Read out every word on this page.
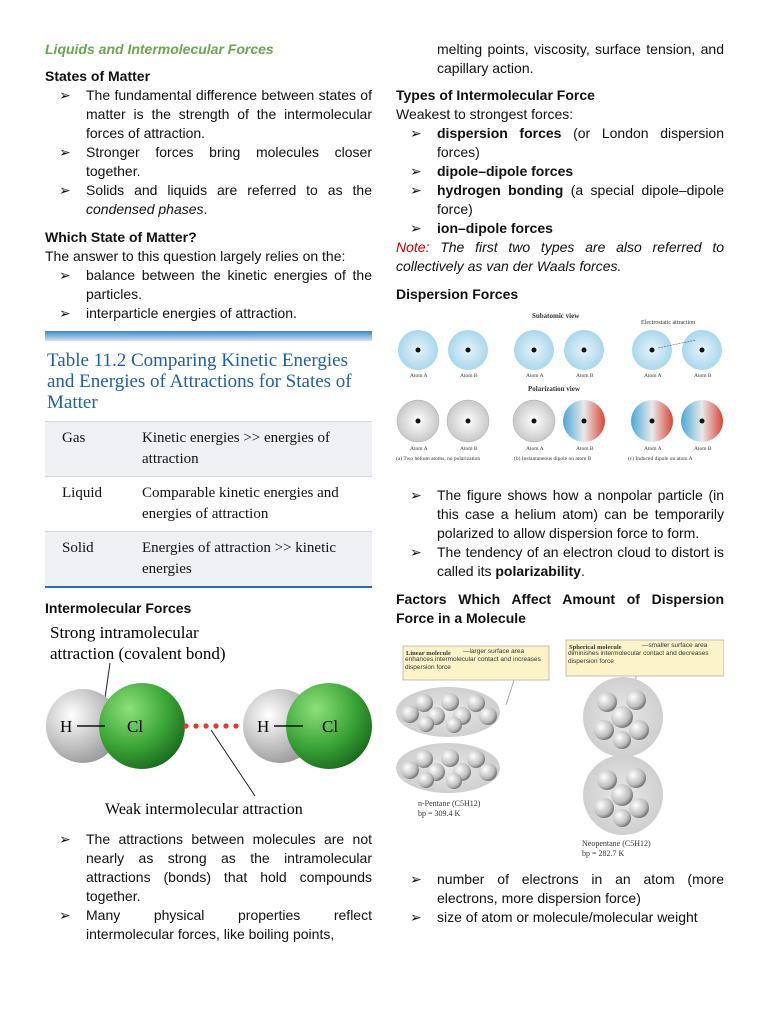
Liquids and Intermolecular Forces

States of Matter
➢ The fundamental difference between states of matter is the strength of the intermolecular forces of attraction.
➢ Stronger forces bring molecules closer together.
➢ Solids and liquids are referred to as the condensed phases.
Which State of Matter?

The answer to this question largely relies on the:

➢ balance between the kinetic energies of the particles.
➢ interparticle energies of attraction.
Table 11.2 Comparing Kinetic Energies and Energies of Attractions for States of Matter
Gas	Kinetic energies >> energies of attraction
Liquid	Comparable kinetic energies and energies of attraction
Solid	Energies of attraction >> kinetic energies
Intermolecular Forces
Strong intramolecular
attraction (covalent bond)
H	Cl	H	Cl
Weak intermolecular attraction
➢ The attractions between molecules are not nearly as strong as the intramolecular attractions (bonds) that hold compounds together.
➢ Many physical properties reflect intermolecular forces, like boiling points,

melting points, viscosity, surface tension, and capillary action.

Types of Intermolecular Force

Weakest to strongest forces:

➢ dispersion forces (or London dispersion forces)
➢ dipole–dipole forces
➢ hydrogen bonding (a special dipole–dipole force)
➢ ion–dipole forces

Note: The first two types are also referred to collectively as van der Waals forces.

Dispersion Forces
Subatomic view
Electrostatic attraction
Atom A	Atom B	Atom A	Atom B	Atom A	Atom B
Polarization view
Atom A	Atom B	Atom A	Atom B	Atom A	Atom B
(a) Two helium atoms, no polarization	(b) Instantaneous dipole on atom B	(c) Induced dipole on atom A
➢ The figure shows how a nonpolar particle (in this case a helium atom) can be temporarily polarized to allow dispersion force to form.
➢ The tendency of an electron cloud to distort is called its polarizability.
Factors Which Affect Amount of Dispersion Force in a Molecule
Linear molecule	—larger surface area enhances intermolecular contact and increases dispersion force
Spherical molecule	—smaller surface area diminishes intermolecular contact and decreases dispersion force
n-Pentane (C5H12)
bp = 309.4 K
Neopentane (C5H12)
bp = 282.7 K
➢ number of electrons in an atom (more electrons, more dispersion force)
➢ size of atom or molecule/molecular weight
